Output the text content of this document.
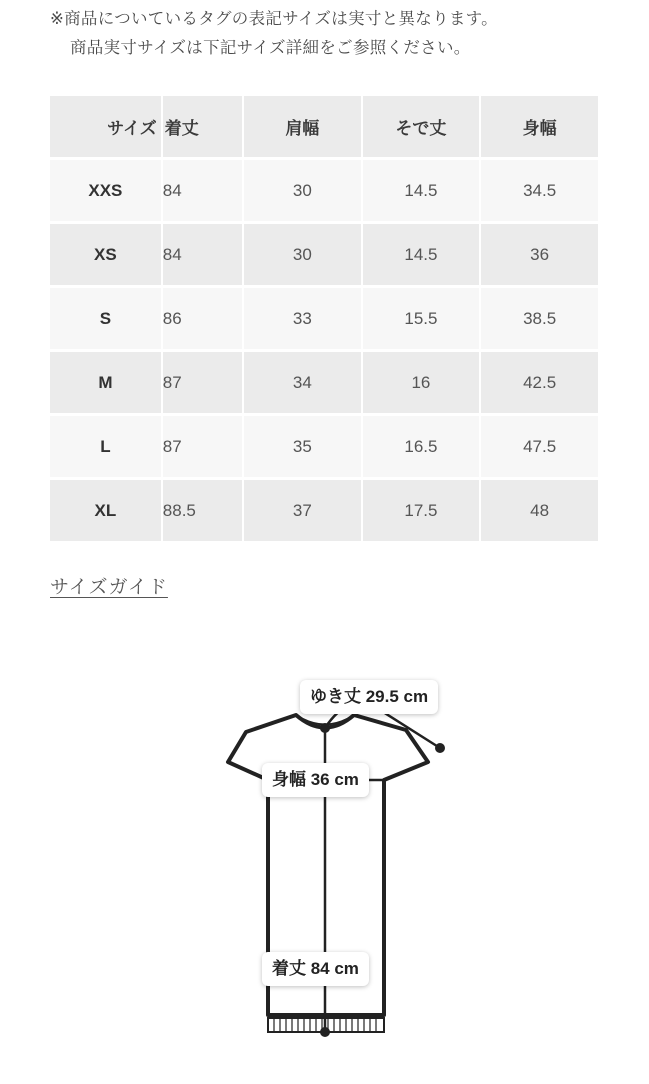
※商品についているタグの表記サイズは実寸と異なります。

商品実寸サイズは下記サイズ詳細をご参照ください。
サイズ	着丈	肩幅	そで丈	身幅
XXS	84	30	14.5	34.5
XS	84	30	14.5	36
S	86	33	15.5	38.5
M	87	34	16	42.5
L	87	35	16.5	47.5
XL	88.5	37	17.5	48
サイズガイド
ゆき丈 29.5 cm
身幅 36 cm
着丈 84 cm
